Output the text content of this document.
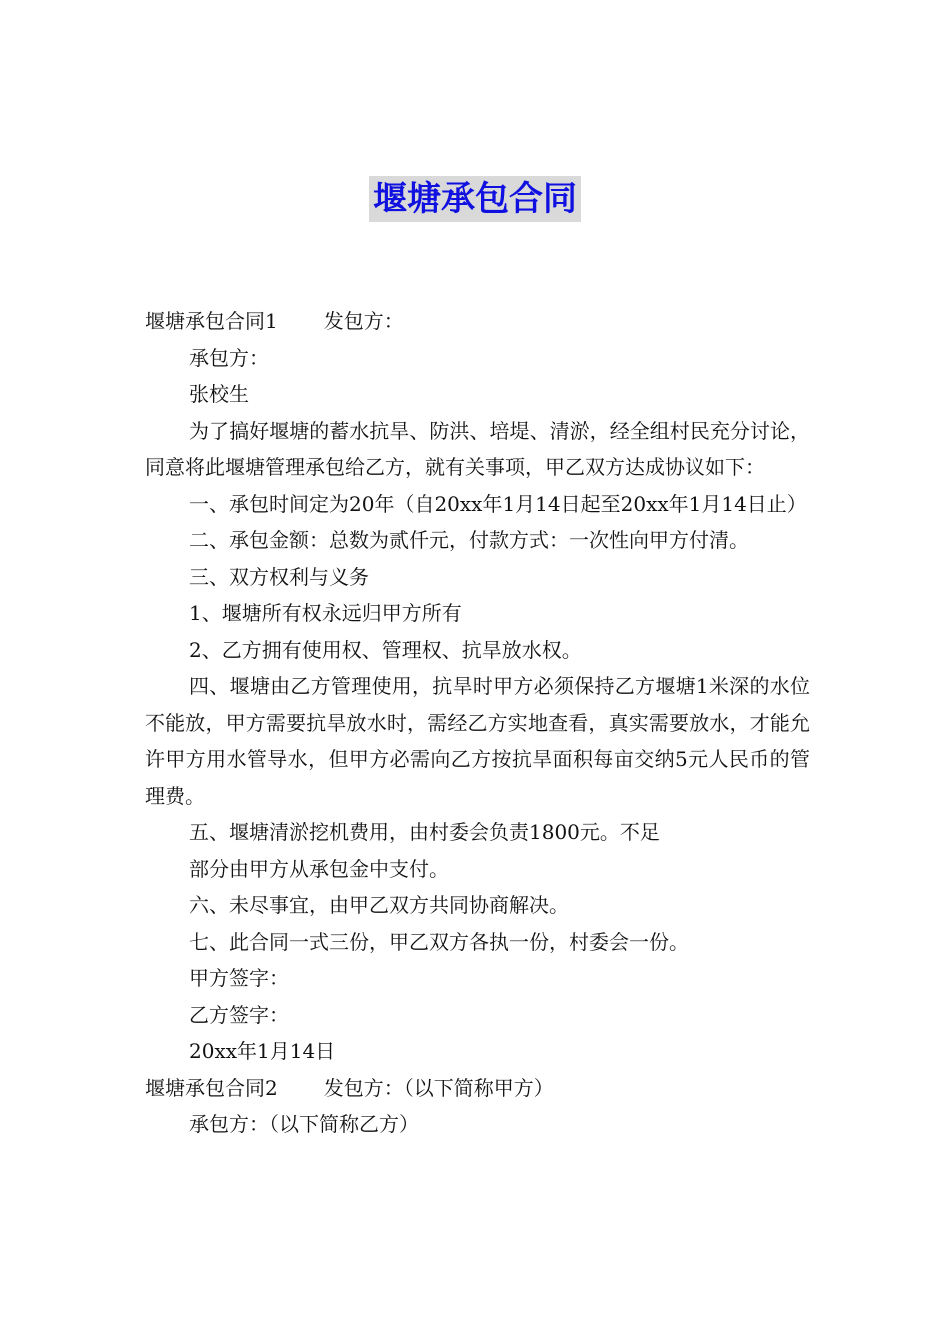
堰塘承包合同

堰塘承包合同1 发包方：

承包方：

张校生

为了搞好堰塘的蓄水抗旱、防洪、培堤、清淤，经全组村民充分讨论，同意将此堰塘管理承包给乙方，就有关事项，甲乙双方达成协议如下：

一、承包时间定为20年（自20xx年1月14日起至20xx年1月14日止）

二、承包金额：总数为贰仟元，付款方式：一次性向甲方付清。

三、双方权利与义务

1、堰塘所有权永远归甲方所有

2、乙方拥有使用权、管理权、抗旱放水权。

四、堰塘由乙方管理使用，抗旱时甲方必须保持乙方堰塘1米深的水位不能放，甲方需要抗旱放水时，需经乙方实地查看，真实需要放水，才能允许甲方用水管导水，但甲方必需向乙方按抗旱面积每亩交纳5元人民币的管理费。

五、堰塘清淤挖机费用，由村委会负责1800元。不足

部分由甲方从承包金中支付。

六、未尽事宜，由甲乙双方共同协商解决。

七、此合同一式三份，甲乙双方各执一份，村委会一份。

甲方签字：

乙方签字：

20xx年1月14日

堰塘承包合同2 发包方：（以下简称甲方）

承包方：（以下简称乙方）
